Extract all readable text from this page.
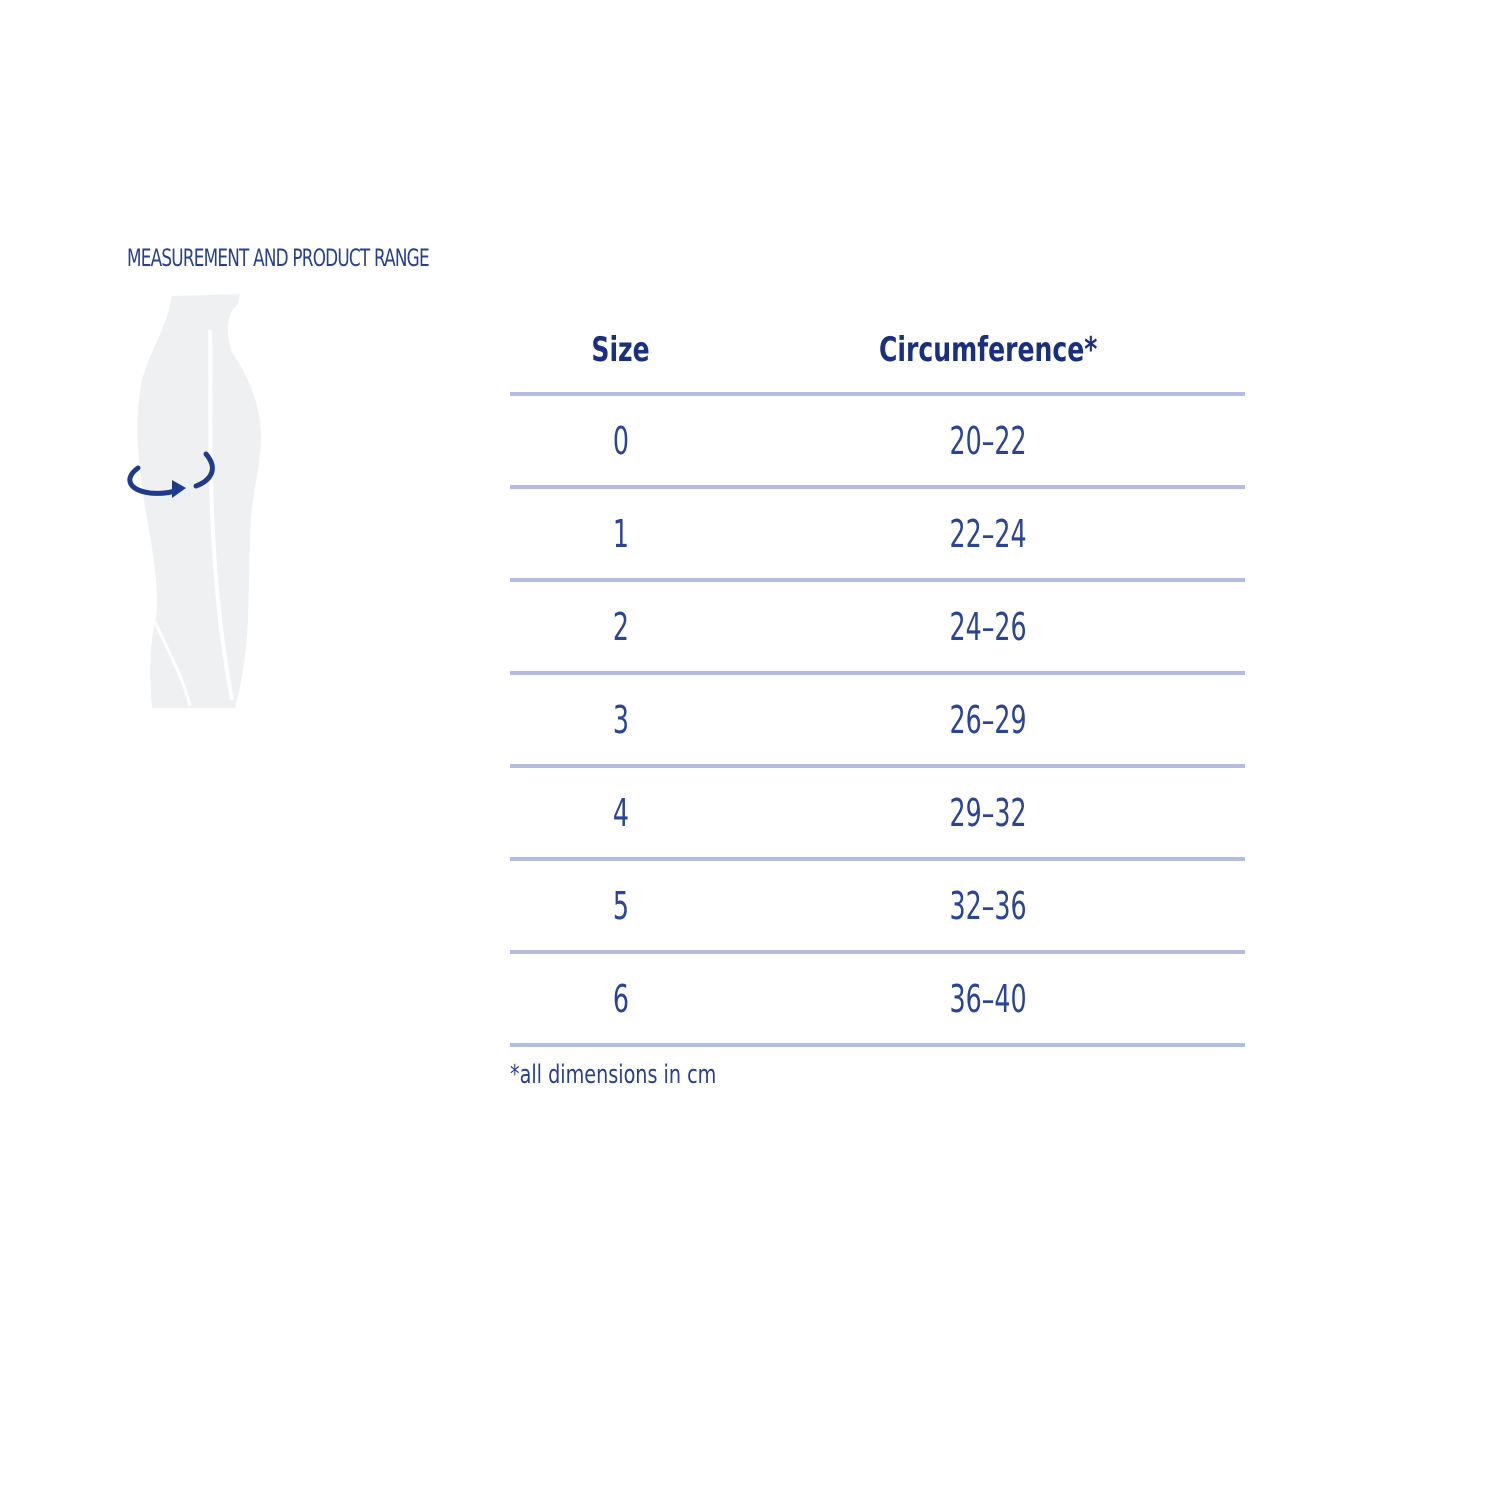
MEASUREMENT AND PRODUCT RANGE
Size	Circumference*
0	20–22
1	22–24
2	24–26
3	26–29
4	29–32
5	32–36
6	36–40
*all dimensions in cm
